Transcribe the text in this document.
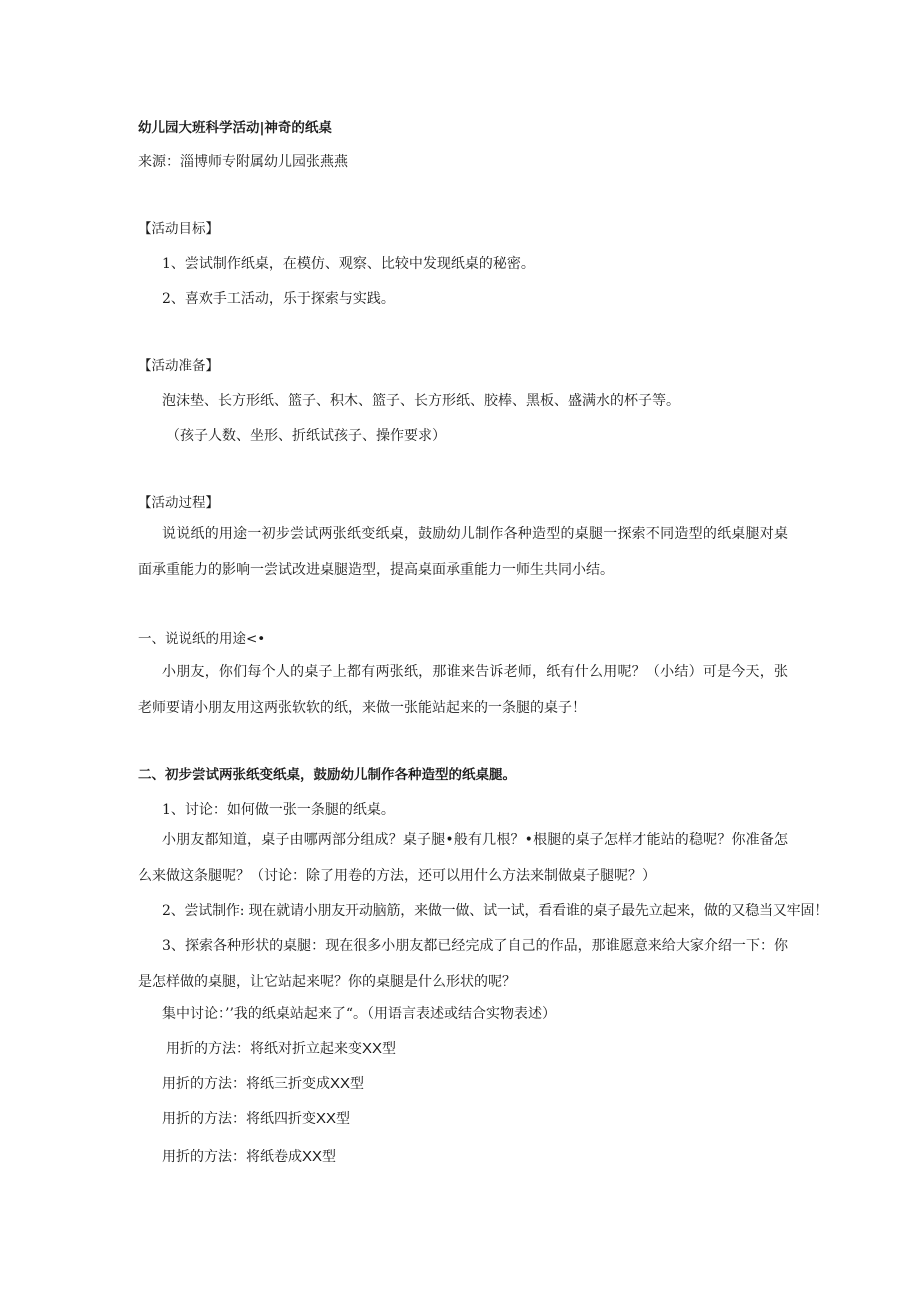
幼儿园大班科学活动|神奇的纸桌
来源：淄博师专附属幼儿园张燕燕
【活动目标】
1、尝试制作纸桌，在模仿、观察、比较中发现纸桌的秘密。
2、喜欢手工活动，乐于探索与实践。
【活动准备】
泡沫垫、长方形纸、篮子、积木、篮子、长方形纸、胶棒、黑板、盛满水的杯子等。
（孩子人数、坐形、折纸试孩子、操作要求）
【活动过程】
说说纸的用途一初步尝试两张纸变纸桌，鼓励幼儿制作各种造型的桌腿一探索不同造型的纸桌腿对桌面承重能力的影响一尝试改进桌腿造型，提高桌面承重能力一师生共同小结。
一、说说纸的用途<•
小朋友，你们每个人的桌子上都有两张纸，那谁来告诉老师，纸有什么用呢？（小结）可是今天，张老师要请小朋友用这两张软软的纸，来做一张能站起来的一条腿的桌子！
二、初步尝试两张纸变纸桌，鼓励幼儿制作各种造型的纸桌腿。
1、讨论：如何做一张一条腿的纸桌。
小朋友都知道，桌子由哪两部分组成？桌子腿•般有几根？•根腿的桌子怎样才能站的稳呢？你准备怎么来做这条腿呢？（讨论：除了用卷的方法，还可以用什么方法来制做桌子腿呢？）
2、尝试制作: 现在就请小朋友开动脑筋，来做一做、试一试，看看谁的桌子最先立起来，做的又稳当又牢固！
3、探索各种形状的桌腿：现在很多小朋友都已经完成了自己的作品，那谁愿意来给大家介绍一下：你是怎样做的桌腿，让它站起来呢？你的桌腿是什么形状的呢？
集中讨论：’’我的纸桌站起来了“。（用语言表述或结合实物表述）
用折的方法：将纸对折立起来变XX型
用折的方法：将纸三折变成XX型
用折的方法：将纸四折变XX型
用折的方法：将纸卷成XX型
